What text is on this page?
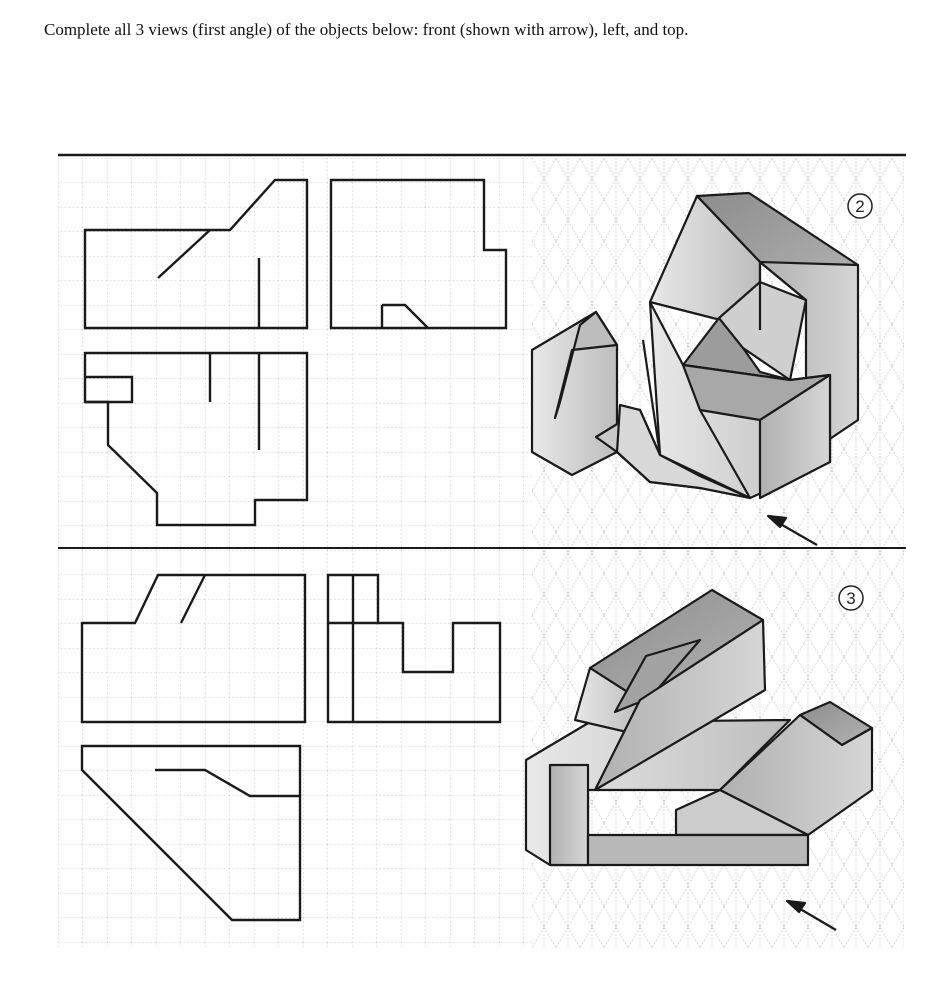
Complete all 3 views (first angle) of the objects below: front (shown with arrow), left, and top.
2
3
